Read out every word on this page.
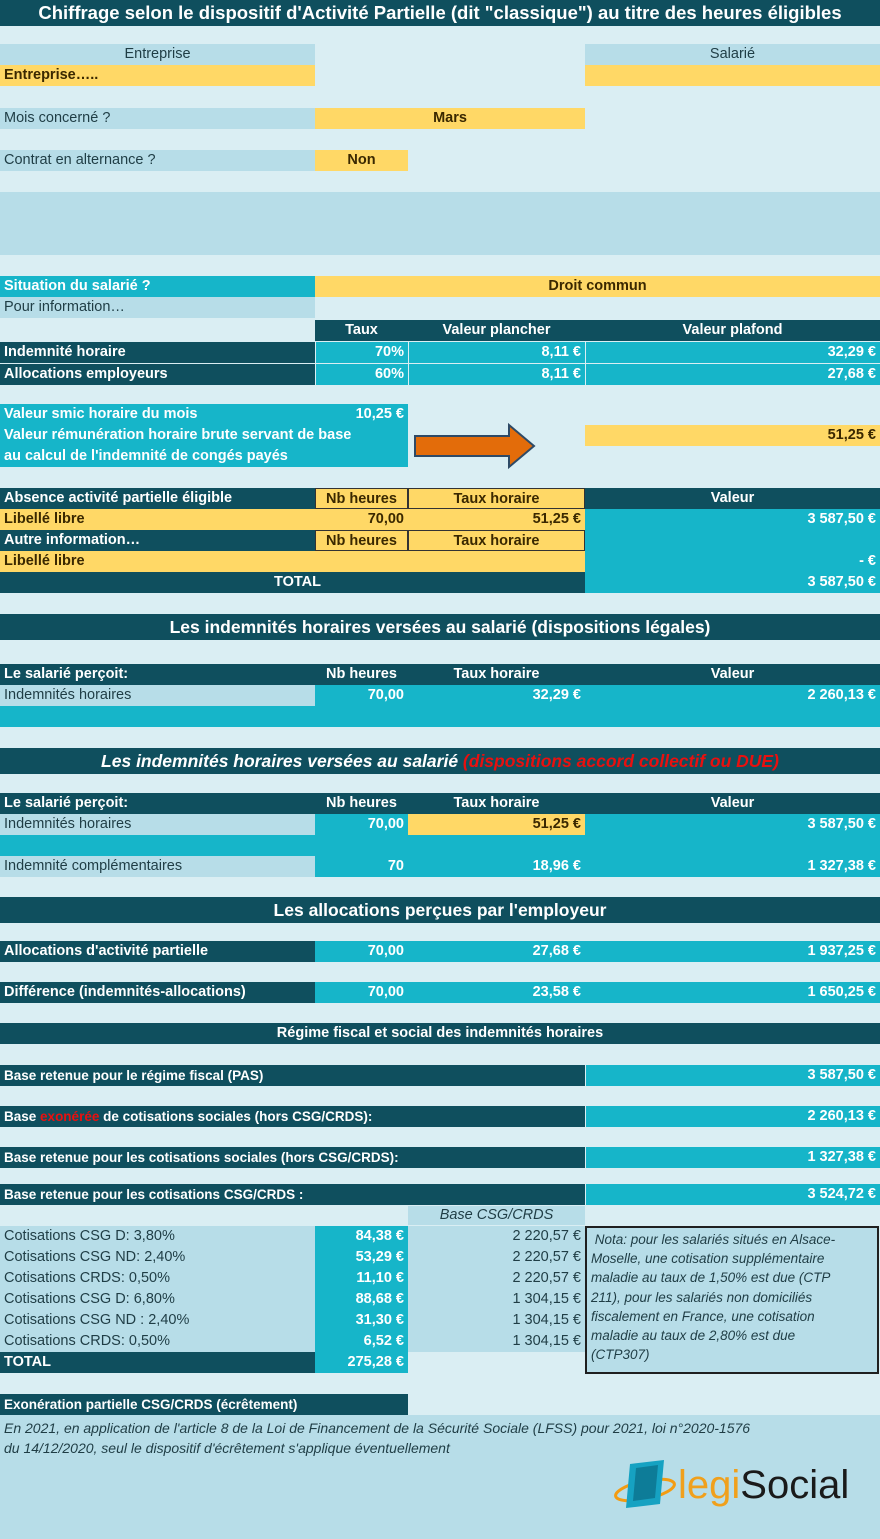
Chiffrage selon le dispositif d'Activité Partielle (dit "classique") au titre des heures éligibles
Entreprise	Salarié
Entreprise…..
Mois concerné ?	Mars
Contrat en alternance ?	Non
Situation du salarié ?	Droit commun
Pour information…
Taux	Valeur plancher	Valeur plafond
Indemnité horaire	70%	8,11 €	32,29 €
Allocations employeurs	60%	8,11 €	27,68 €
Valeur smic horaire du mois	10,25 €
Valeur rémunération horaire brute servant de base
au calcul de l'indemnité de congés payés
51,25 €
Absence activité partielle éligible	Nb heures	Taux horaire	Valeur
Libellé libre	70,00	51,25 €	3 587,50 €
Autre information…	Nb heures	Taux horaire
Libellé libre	- €
TOTAL	3 587,50 €
Les indemnités horaires versées au salarié (dispositions légales)
Le salarié perçoit:	Nb heures	Taux horaire	Valeur
Indemnités horaires	70,00	32,29 €	2 260,13 €
Les indemnités horaires versées au salarié (dispositions accord collectif ou DUE)
Le salarié perçoit:	Nb heures	Taux horaire	Valeur
Indemnités horaires	70,00	51,25 €	3 587,50 €
Indemnité complémentaires	70	18,96 €	1 327,38 €
Les allocations perçues par l'employeur
Allocations d'activité partielle	70,00	27,68 €	1 937,25 €
Différence (indemnités-allocations)	70,00	23,58 €	1 650,25 €
Régime fiscal et social des indemnités horaires
Base retenue pour le régime fiscal (PAS)	3 587,50 €
Base exonérée de cotisations sociales (hors CSG/CRDS):	2 260,13 €
Base retenue pour les cotisations sociales (hors CSG/CRDS):	1 327,38 €
Base retenue pour les cotisations CSG/CRDS :	3 524,72 €
Base CSG/CRDS
Cotisations CSG D: 3,80%	84,38 €	2 220,57 €
Cotisations CSG ND: 2,40%	53,29 €	2 220,57 €
Cotisations CRDS: 0,50%	11,10 €	2 220,57 €
Cotisations CSG D: 6,80%	88,68 €	1 304,15 €
Cotisations CSG ND : 2,40%	31,30 €	1 304,15 €
Cotisations CRDS: 0,50%	6,52 €	1 304,15 €
TOTAL	275,28 €
Nota: pour les salariés situés en Alsace-
Moselle, une cotisation supplémentaire
maladie au taux de 1,50% est due (CTP
211), pour les salariés non domiciliés
fiscalement en France, une cotisation
maladie au taux de 2,80% est due
(CTP307)
Exonération partielle CSG/CRDS (écrêtement)
En 2021, en application de l'article 8 de la Loi de Financement de la Sécurité Sociale (LFSS) pour 2021, loi n°2020-1576
du 14/12/2020, seul le dispositif d'écrêtement s'applique éventuellement
legiSocial
